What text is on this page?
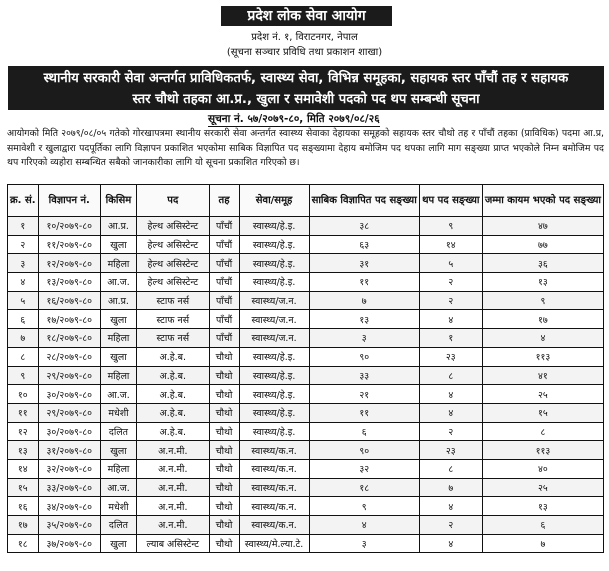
प्रदेश लोक सेवा आयोग
प्रदेश नं. १, विराटनगर, नेपाल
(सूचना सञ्चार प्रविधि तथा प्रकाशन शाखा)
स्थानीय सरकारी सेवा अन्तर्गत प्राविधिकतर्फ, स्वास्थ्य सेवा, विभिन्न समूहका, सहायक स्तर पाँचौं तह र सहायक
स्तर चौथो तहका आ.प्र., खुला र समावेशी पदको पद थप सम्बन्धी सूचना
सूचना नं. ५७/२०७९-८०, मिति २०७९/०८/२६
आयोगको मिति २०७९/०८/०५ गतेको गोरखापत्रमा स्थानीय सरकारी सेवा अन्तर्गत स्वास्थ्य सेवाका देहायका समूहको सहायक स्तर चौथो तह र पाँचौं तहका (प्राविधिक) पदमा आ.प्र, समावेशी र खुलाद्वारा पदपूर्तिका लागि विज्ञापन प्रकाशित भएकोमा साबिक विज्ञापित पद सङ्ख्यामा देहाय बमोजिम पद थपका लागि माग सङ्ख्या प्राप्त भएकोले निम्न बमोजिम पद थप गरिएको व्यहोरा सम्बन्धित सबैको जानकारीका लागि यो सूचना प्रकाशित गरिएको छ।
क्र. सं.	विज्ञापन नं.	किसिम	पद	तह	सेवा/समूह	साबिक विज्ञापित पद सङ्ख्या	थप पद सङ्ख्या	जम्मा कायम भएको पद सङ्ख्या
१	१०/२०७९-८०	आ.प्र.	हेल्थ असिस्टेन्ट	पाँचौं	स्वास्थ्य/हे.इ.	३८	९	४७
२	११/२०७९-८०	खुला	हेल्थ असिस्टेन्ट	पाँचौं	स्वास्थ्य/हे.इ.	६३	१४	७७
३	१२/२०७९-८०	महिला	हेल्थ असिस्टेन्ट	पाँचौं	स्वास्थ्य/हे.इ.	३१	५	३६
४	१३/२०७९-८०	आ.ज.	हेल्थ असिस्टेन्ट	पाँचौं	स्वास्थ्य/हे.इ.	११	२	१३
५	१६/२०७९-८०	आ.प्र.	स्टाफ नर्स	पाँचौं	स्वास्थ्य/ज.न.	७	२	९
६	१७/२०७९-८०	खुला	स्टाफ नर्स	पाँचौं	स्वास्थ्य/ज.न.	१३	४	१७
७	१८/२०७९-८०	महिला	स्टाफ नर्स	पाँचौं	स्वास्थ्य/ज.न.	३	१	४
८	२८/२०७९-८०	खुला	अ.हे.ब.	चौथो	स्वास्थ्य/हे.इ.	९०	२३	११३
९	२९/२०७९-८०	महिला	अ.हे.ब.	चौथो	स्वास्थ्य/हे.इ.	३३	८	४१
१०	३०/२०७९-८०	आ.ज.	अ.हे.ब.	चौथो	स्वास्थ्य/हे.इ.	२१	४	२५
११	२९/२०७९-८०	मधेशी	अ.हे.ब.	चौथो	स्वास्थ्य/हे.इ.	११	४	१५
१२	३०/२०७९-८०	दलित	अ.हे.ब.	चौथो	स्वास्थ्य/हे.इ.	६	२	८
१३	३१/२०७९-८०	खुला	अ.न.मी.	चौथो	स्वास्थ्य/क.न.	९०	२३	११३
१४	३२/२०७९-८०	महिला	अ.न.मी.	चौथो	स्वास्थ्य/क.न.	३२	८	४०
१५	३३/२०७९-८०	आ.ज.	अ.न.मी.	चौथो	स्वास्थ्य/क.न.	१८	७	२५
१६	३४/२०७९-८०	मधेशी	अ.न.मी.	चौथो	स्वास्थ्य/क.न.	९	४	१३
१७	३५/२०७९-८०	दलित	अ.न.मी.	चौथो	स्वास्थ्य/क.न.	४	२	६
१८	३७/२०७९-८०	खुला	ल्याब असिस्टेन्ट	चौथो	स्वास्थ्य/मे.ल्या.टे.	३	४	७
